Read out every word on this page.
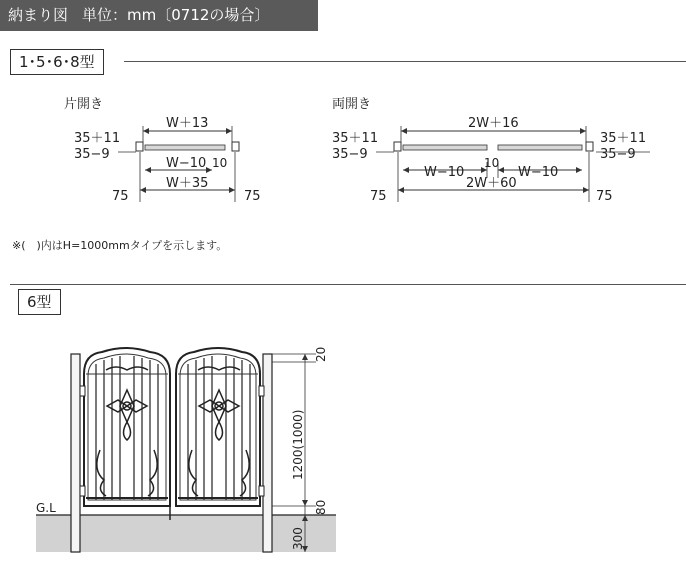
納まり図 単位：mm〔0712の場合〕
1･5･6･8型
片開き
W＋13
35＋11
35−9
W−10 10
W＋35
75	75
両開き
2W＋16
35＋11
35−9
35＋11
35−9
W−10
10
W−10
2W＋60
75	75
※(　)内はH=1000mmタイプを示します。
6型
G.L
20
1200(1000)
80
300
